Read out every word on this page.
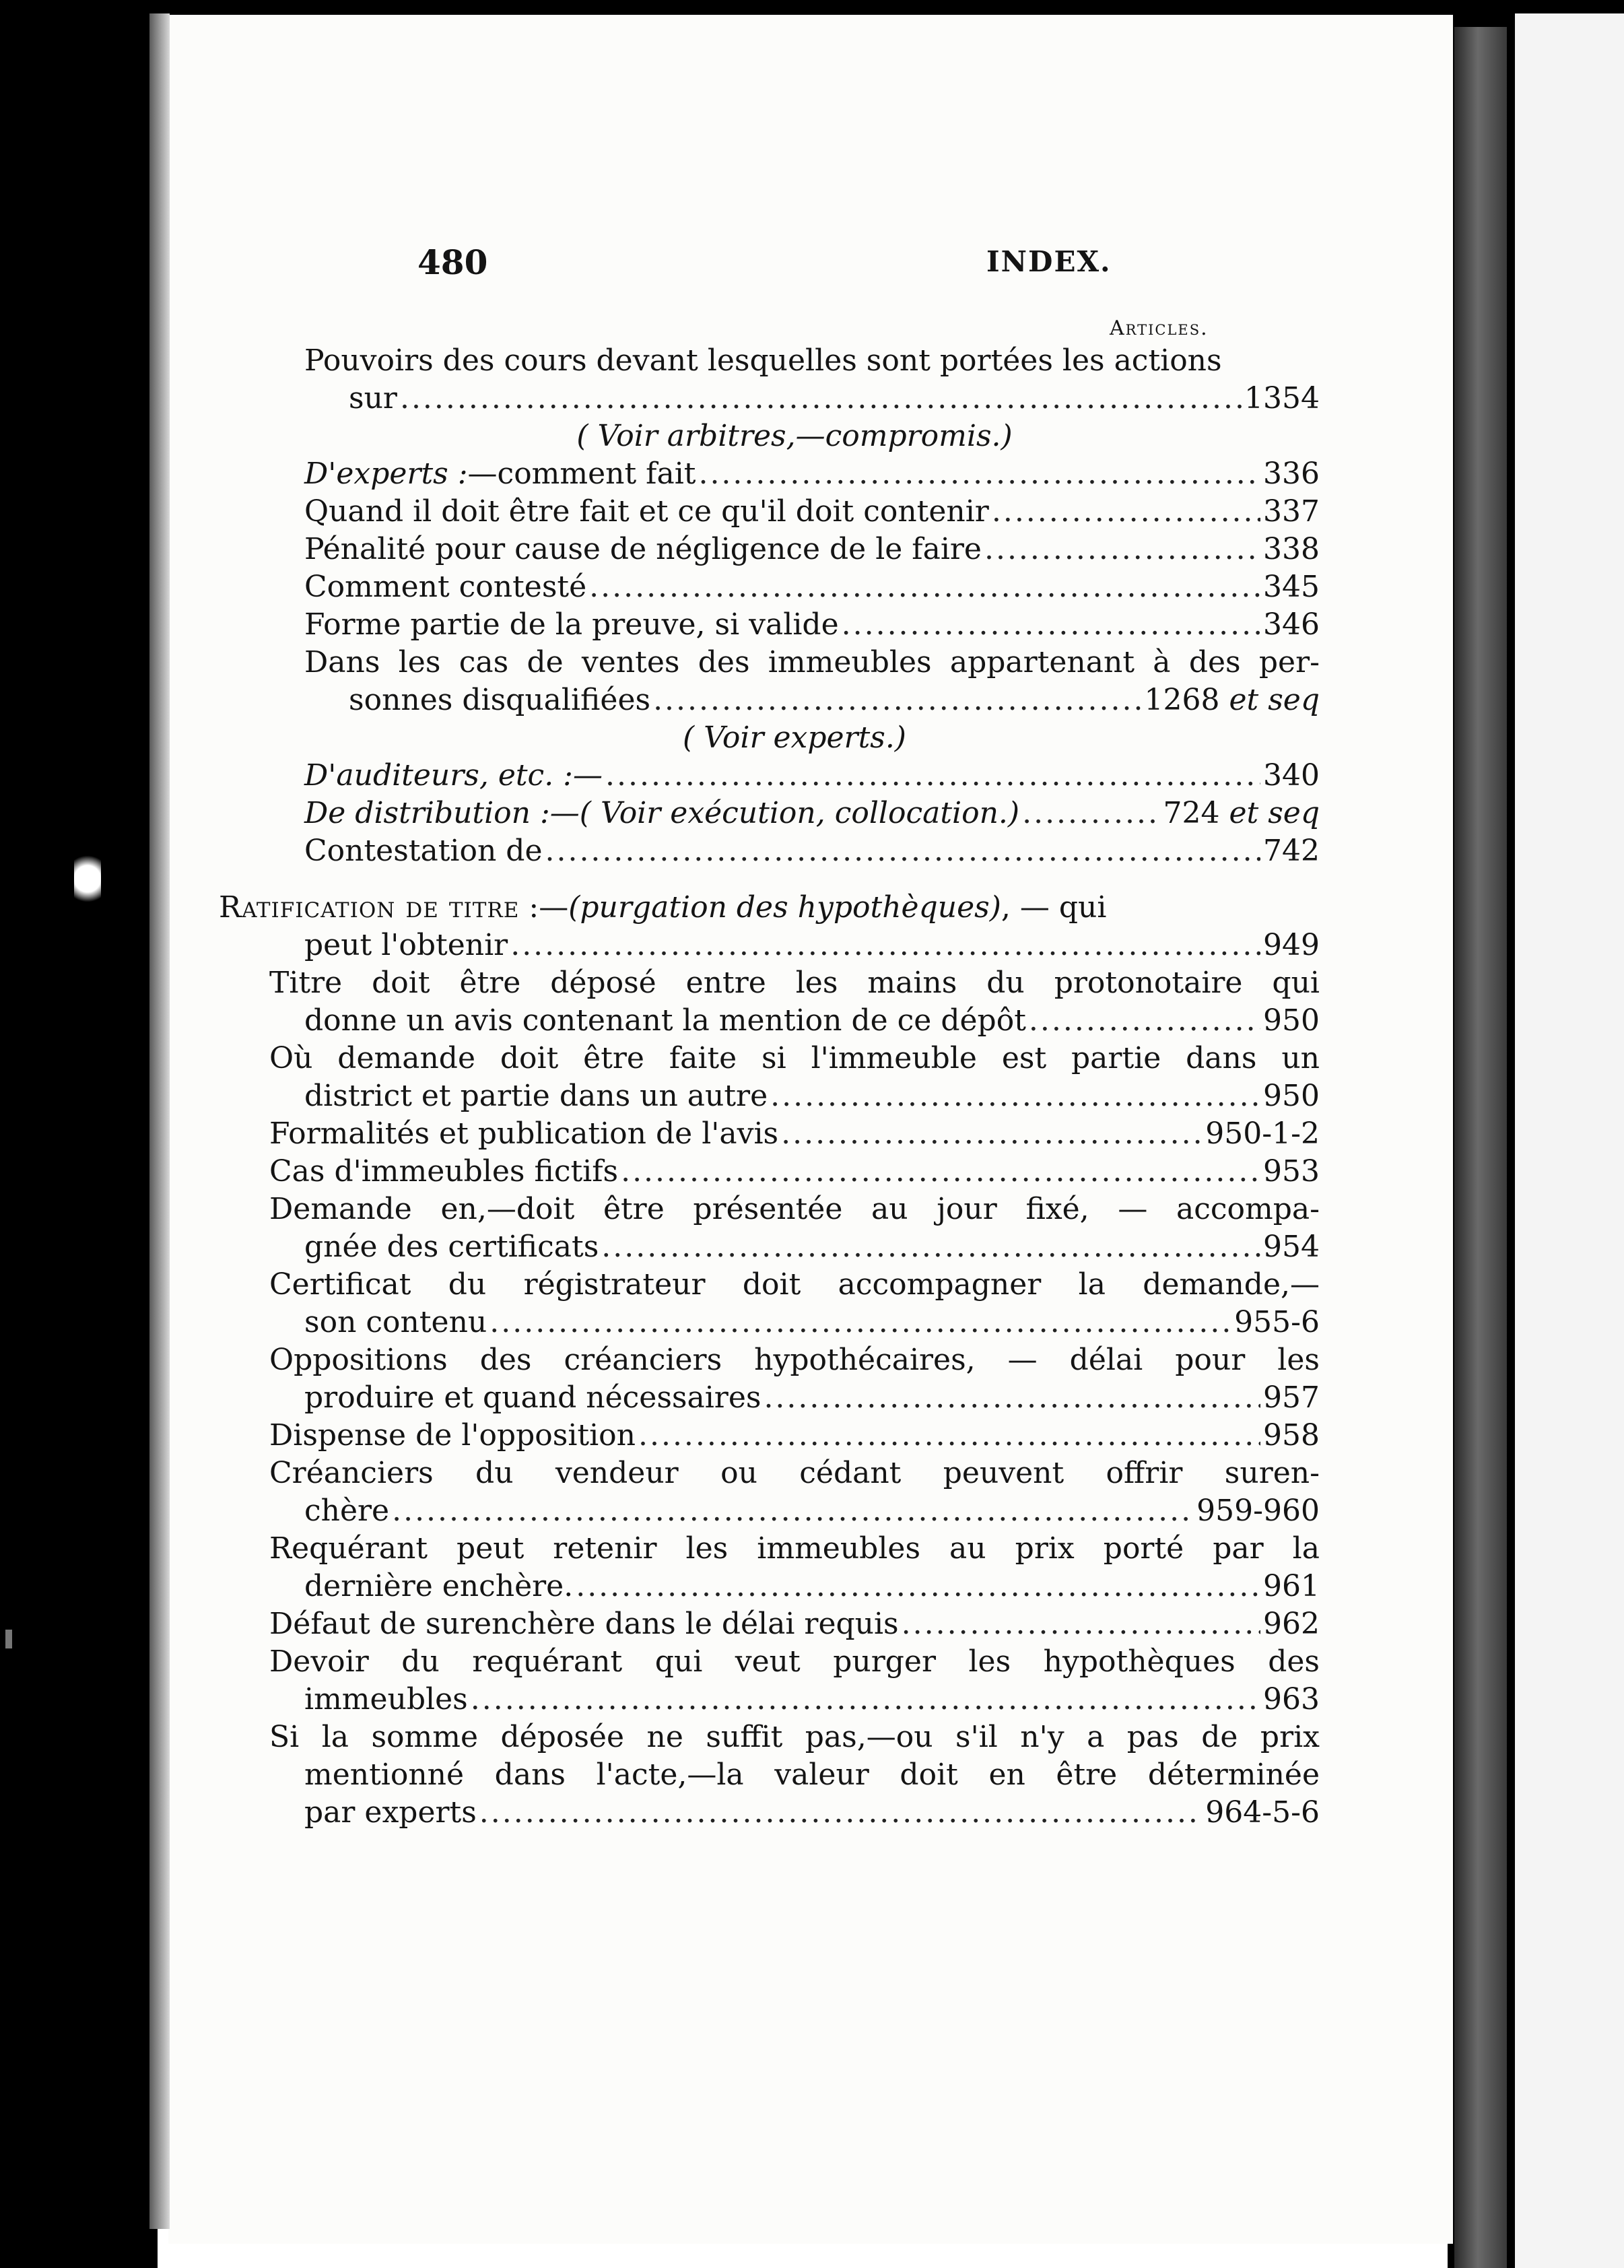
480	INDEX.
Articles.
Pouvoirs des cours devant lesquelles sont portées les actions
sur .....	1354
( Voir arbitres,—compromis.)
D'experts :—comment fait .....	336
Quand il doit être fait et ce qu'il doit contenir .....	337
Pénalité pour cause de négligence de le faire .....	338
Comment contesté .....	345
Forme partie de la preuve, si valide .....	346
Dans les cas de ventes des immeubles appartenant à des per-
sonnes disqualifiées .....	1268 et seq
( Voir experts.)
D'auditeurs, etc. :— .....	340
De distribution :—( Voir exécution, collocation.) .....	724 et seq
Contestation de .....	742
Ratification de titre :—(purgation des hypothèques), — qui
peut l'obtenir .....	949
Titre doit être déposé entre les mains du protonotaire qui
donne un avis contenant la mention de ce dépôt .....	950
Où demande doit être faite si l'immeuble est partie dans un
district et partie dans un autre .....	950
Formalités et publication de l'avis .....	950-1-2
Cas d'immeubles fictifs .....	953
Demande en,—doit être présentée au jour fixé, — accompa-
gnée des certificats .....	954
Certificat du régistrateur doit accompagner la demande,—
son contenu .....	955-6
Oppositions des créanciers hypothécaires, — délai pour les
produire et quand nécessaires .....	957
Dispense de l'opposition .....	958
Créanciers du vendeur ou cédant peuvent offrir suren-
chère .....	959-960
Requérant peut retenir les immeubles au prix porté par la
dernière enchère. .....	961
Défaut de surenchère dans le délai requis .....	962
Devoir du requérant qui veut purger les hypothèques des
immeubles .....	963
Si la somme déposée ne suffit pas,—ou s'il n'y a pas de prix
mentionné dans l'acte,—la valeur doit en être déterminée
par experts .....	964-5-6
